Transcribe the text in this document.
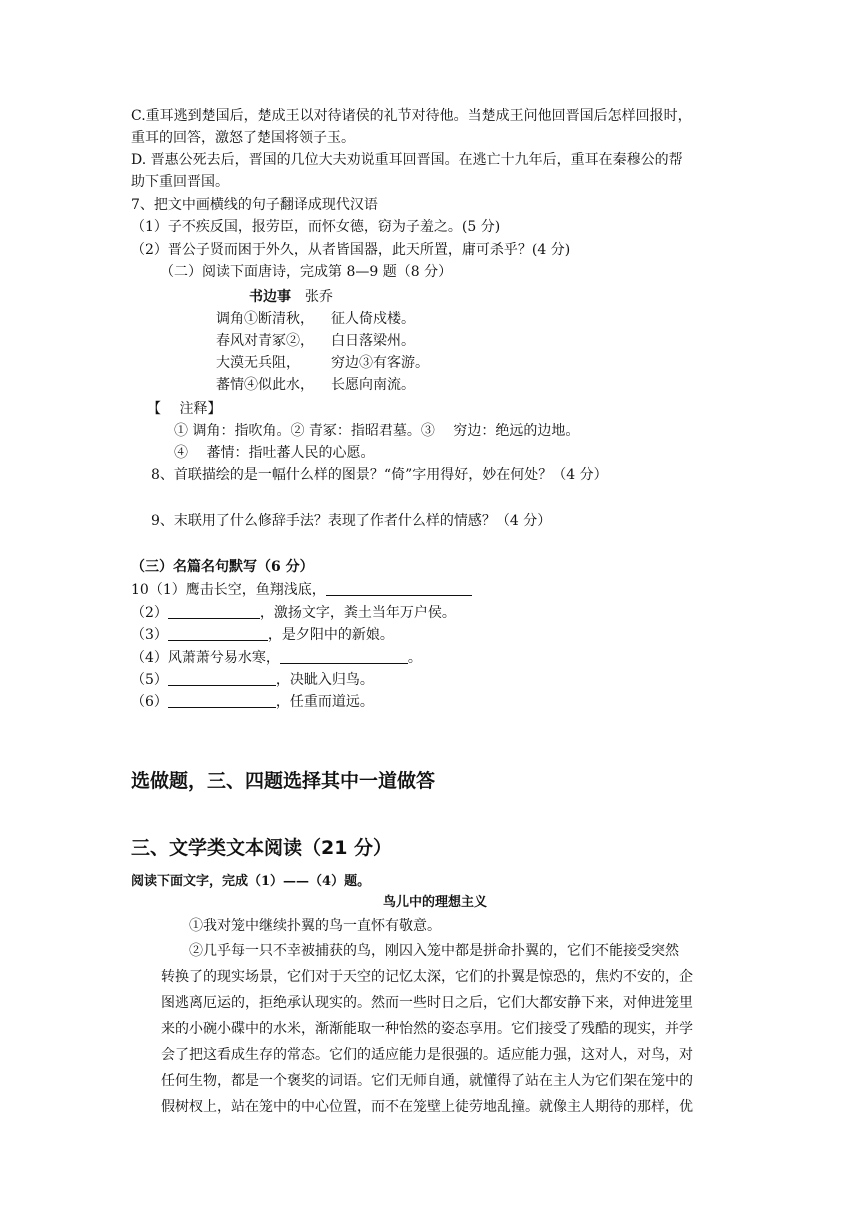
C.重耳逃到楚国后，楚成王以对待诸侯的礼节对待他。当楚成王问他回晋国后怎样回报时，
重耳的回答，激怒了楚国将领子玉。
D. 晋惠公死去后，晋国的几位大夫劝说重耳回晋国。在逃亡十九年后，重耳在秦穆公的帮
助下重回晋国。
7、把文中画横线的句子翻译成现代汉语
（1）子不疾反国，报劳臣，而怀女德，窃为子羞之。(5 分)
（2）晋公子贤而困于外久，从者皆国器，此天所置，庸可杀乎？(4 分)
（二）阅读下面唐诗，完成第 8—9 题（8 分）
书边事 张乔
调角①断清秋， 征人倚戍楼。
春风对青冢②， 白日落梁州。
大漠无兵阻， 穷边③有客游。
蕃情④似此水， 长愿向南流。
【　 注释】
① 调角：指吹角。② 青冢：指昭君墓。③　 穷边：绝远的边地。
④　 蕃情：指吐蕃人民的心愿。
8、首联描绘的是一幅什么样的图景？“倚”字用得好，妙在何处？（4 分）
9、末联用了什么修辞手法？表现了作者什么样的情感？（4 分）
（三）名篇名句默写（6 分）
10（1）鹰击长空，鱼翔浅底，
（2）	，激扬文字，粪土当年万户侯。
（3）	，是夕阳中的新娘。
（4）风萧萧兮易水寒，	。
（5）	，决眦入归鸟。
（6）	，任重而道远。
选做题，三、四题选择其中一道做答
三、文学类文本阅读（21 分）
阅读下面文字，完成（1）——（4）题。
鸟儿中的理想主义
①我对笼中继续扑翼的鸟一直怀有敬意。
②几乎每一只不幸被捕获的鸟，刚囚入笼中都是拼命扑翼的，它们不能接受突然
转换了的现实场景，它们对于天空的记忆太深，它们的扑翼是惊恐的，焦灼不安的，企
图逃离厄运的，拒绝承认现实的。然而一些时日之后，它们大都安静下来，对伸进笼里
来的小碗小碟中的水米，渐渐能取一种怡然的姿态享用。它们接受了残酷的现实，并学
会了把这看成生存的常态。它们的适应能力是很强的。适应能力强，这对人，对鸟，对
任何生物，都是一个褒奖的词语。它们无师自通，就懂得了站在主人为它们架在笼中的
假树杈上，站在笼中的中心位置，而不在笼壁上徒劳地乱撞。就像主人期待的那样，优
